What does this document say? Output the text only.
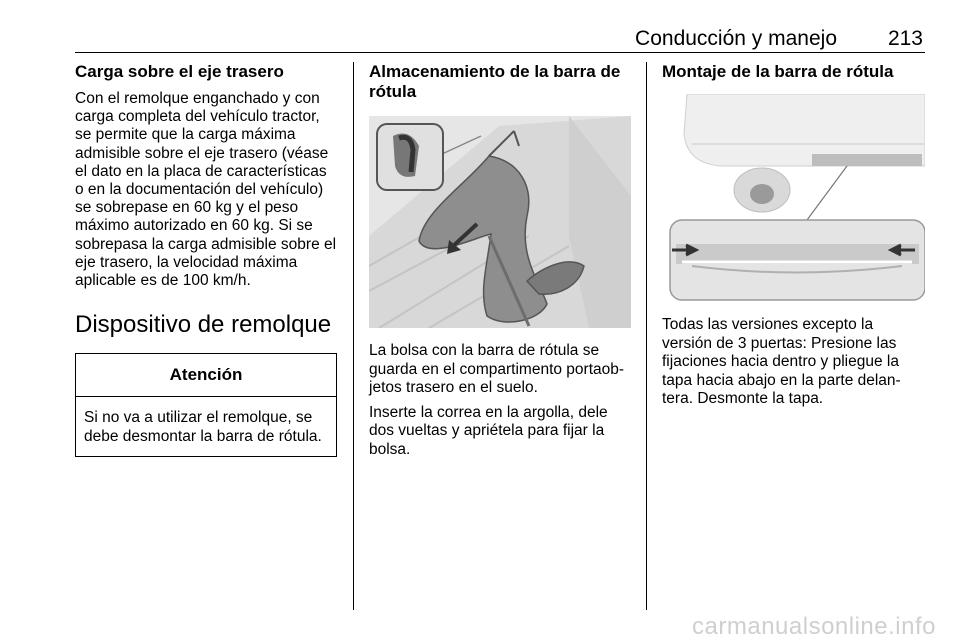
Conducción y manejo 213
Carga sobre el eje trasero

Con el remolque enganchado y con carga completa del vehículo tractor, se permite que la carga máxima admisible sobre el eje trasero (véase el dato en la placa de características o en la documentación del vehículo) se sobrepase en 60 kg y el peso máximo autorizado en 60 kg. Si se sobrepasa la carga admisible sobre el eje trasero, la velocidad máxima aplicable es de 100 km/h.

Dispositivo de remolque
Atención

Si no va a utilizar el remolque, se debe desmontar la barra de rótula.

Almacenamiento de la barra de rótula

La bolsa con la barra de rótula se guarda en el compartimento portaob-jetos trasero en el suelo.

Inserte la correa en la argolla, dele dos vueltas y apriétela para fijar la bolsa.

Montaje de la barra de rótula

Todas las versiones excepto la versión de 3 puertas: Presione las fijaciones hacia dentro y pliegue la tapa hacia abajo en la parte delan-tera. Desmonte la tapa.

carmanualsonline.info
